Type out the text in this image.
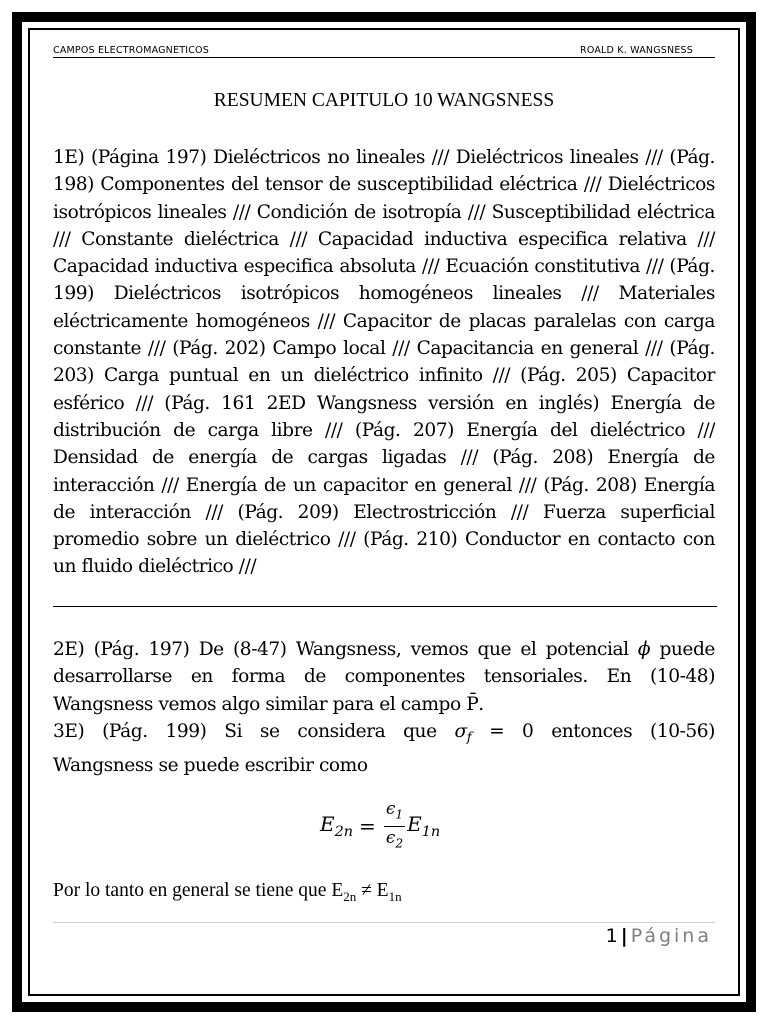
CAMPOS ELECTROMAGNETICOS	ROALD K. WANGSNESS
RESUMEN CAPITULO 10 WANGSNESS
1E) (Página 197) Dieléctricos no lineales /// Dieléctricos lineales /// (Pág. 198) Componentes del tensor de susceptibilidad eléctrica /// Dieléctricos isotrópicos lineales /// Condición de isotropía /// Susceptibilidad eléctrica /// Constante dieléctrica /// Capacidad inductiva especifica relativa /// Capacidad inductiva especifica absoluta /// Ecuación constitutiva /// (Pág. 199) Dieléctricos isotrópicos homogéneos lineales /// Materiales eléctricamente homogéneos /// Capacitor de placas paralelas con carga constante /// (Pág. 202) Campo local /// Capacitancia en general /// (Pág. 203) Carga puntual en un dieléctrico infinito /// (Pág. 205) Capacitor esférico /// (Pág. 161 2ED Wangsness versión en inglés) Energía de distribución de carga libre /// (Pág. 207) Energía del dieléctrico /// Densidad de energía de cargas ligadas /// (Pág. 208) Energía de interacción /// Energía de un capacitor en general /// (Pág. 208) Energía de interacción /// (Pág. 209) Electrostricción /// Fuerza superficial promedio sobre un dieléctrico /// (Pág. 210) Conductor en contacto con un fluido dieléctrico ///
2E) (Pág. 197) De (8-47) Wangsness, vemos que el potencial ϕ puede desarrollarse en forma de componentes tensoriales. En (10-48) Wangsness vemos algo similar para el campo P̄.

3E) (Pág. 199) Si se considera que $\sigma_f = 0$ entonces (10-56)
Wangsness se puede escribir como
$E_{2n} = \frac{\epsilon_1}{\epsilon_2} E_{1n}$
Por lo tanto en general se tiene que $E_{2n} \ne E_{1n}$
1 | Página
